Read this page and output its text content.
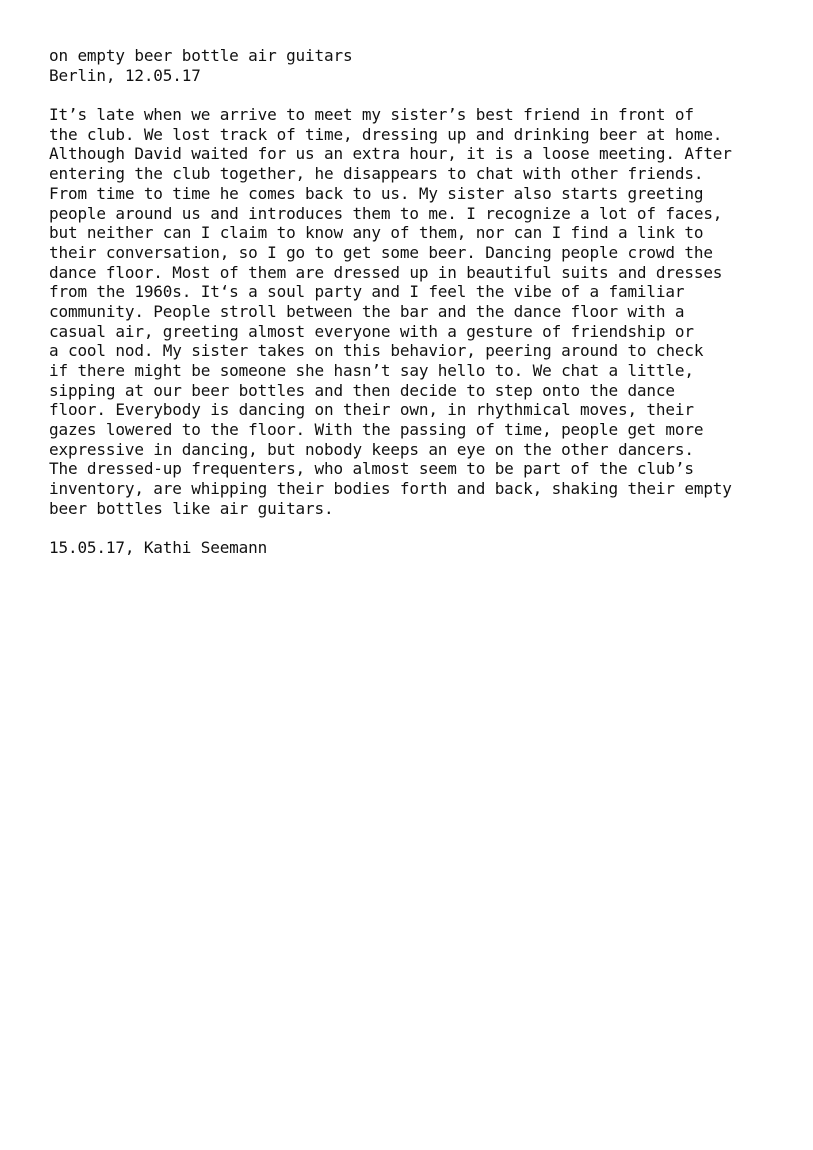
on empty beer bottle air guitars
Berlin, 12.05.17
It’s late when we arrive to meet my sister’s best friend in front of
the club. We lost track of time, dressing up and drinking beer at home.
Although David waited for us an extra hour, it is a loose meeting. After
entering the club together, he disappears to chat with other friends.
From time to time he comes back to us. My sister also starts greeting
people around us and introduces them to me. I recognize a lot of faces,
but neither can I claim to know any of them, nor can I find a link to
their conversation, so I go to get some beer. Dancing people crowd the
dance floor. Most of them are dressed up in beautiful suits and dresses
from the 1960s. It‘s a soul party and I feel the vibe of a familiar
community. People stroll between the bar and the dance floor with a
casual air, greeting almost everyone with a gesture of friendship or
a cool nod. My sister takes on this behavior, peering around to check
if there might be someone she hasn’t say hello to. We chat a little,
sipping at our beer bottles and then decide to step onto the dance
floor. Everybody is dancing on their own, in rhythmical moves, their
gazes lowered to the floor. With the passing of time, people get more
expressive in dancing, but nobody keeps an eye on the other dancers.
The dressed-up frequenters, who almost seem to be part of the club’s
inventory, are whipping their bodies forth and back, shaking their empty
beer bottles like air guitars.
15.05.17, Kathi Seemann
